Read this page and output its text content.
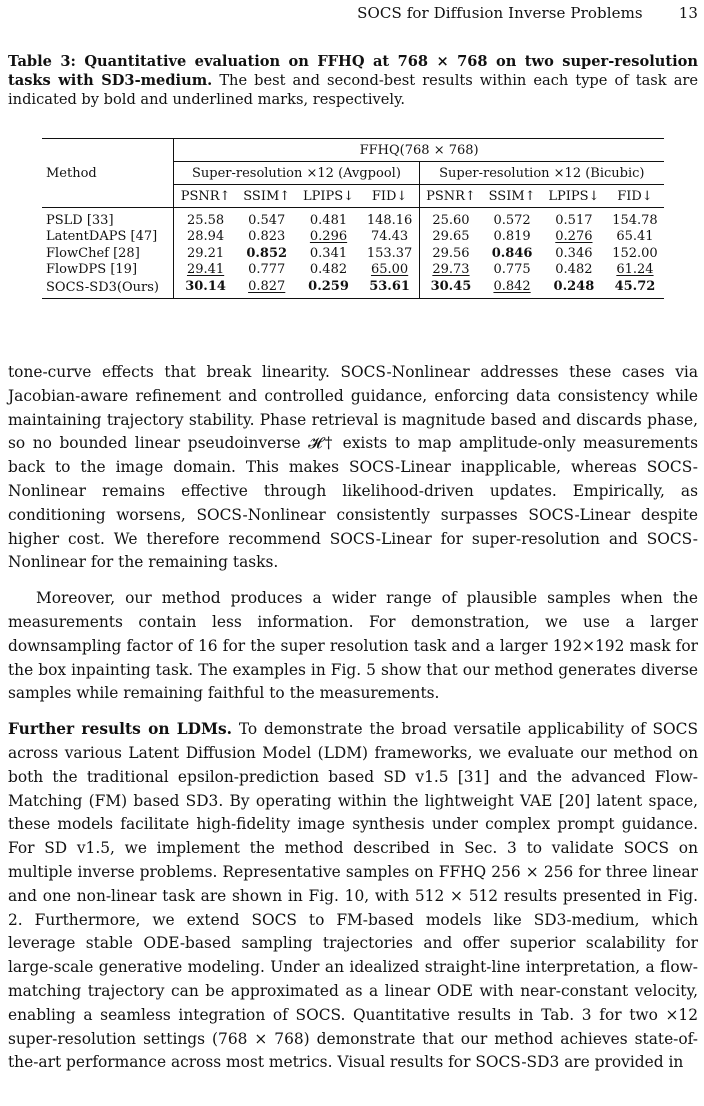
SOCS for Diffusion Inverse Problems 13
Table 3: Quantitative evaluation on FFHQ at 768 × 768 on two super-resolution tasks with SD3-medium. The best and second-best results within each type of task are indicated by bold and underlined marks, respectively.
Method	FFHQ(768 × 768)							
	Super-resolution ×12 (Avgpool)				Super-resolution ×12 (Bicubic)			
	PSNR↑	SSIM↑	LPIPS↓	FID↓	PSNR↑	SSIM↑	LPIPS↓	FID↓
PSLD [33]	25.58	0.547	0.481	148.16	25.60	0.572	0.517	154.78
LatentDAPS [47]	28.94	0.823	0.296	74.43	29.65	0.819	0.276	65.41
FlowChef [28]	29.21	0.852	0.341	153.37	29.56	0.846	0.346	152.00
FlowDPS [19]	29.41	0.777	0.482	65.00	29.73	0.775	0.482	61.24
SOCS-SD3(Ours)	30.14	0.827	0.259	53.61	30.45	0.842	0.248	45.72

tone-curve effects that break linearity. SOCS-Nonlinear addresses these cases via Jacobian-aware refinement and controlled guidance, enforcing data consistency while maintaining trajectory stability. Phase retrieval is magnitude based and discards phase, so no bounded linear pseudoinverse 𝓗† exists to map amplitude-only measurements back to the image domain. This makes SOCS-Linear inapplicable, whereas SOCS-Nonlinear remains effective through likelihood-driven updates. Empirically, as conditioning worsens, SOCS-Nonlinear consistently surpasses SOCS-Linear despite higher cost. We therefore recommend SOCS-Linear for super-resolution and SOCS-Nonlinear for the remaining tasks.

Moreover, our method produces a wider range of plausible samples when the measurements contain less information. For demonstration, we use a larger downsampling factor of 16 for the super resolution task and a larger 192×192 mask for the box inpainting task. The examples in Fig. 5 show that our method generates diverse samples while remaining faithful to the measurements.

Further results on LDMs. To demonstrate the broad versatile applicability of SOCS across various Latent Diffusion Model (LDM) frameworks, we evaluate our method on both the traditional epsilon-prediction based SD v1.5 [31] and the advanced Flow-Matching (FM) based SD3. By operating within the lightweight VAE [20] latent space, these models facilitate high-fidelity image synthesis under complex prompt guidance. For SD v1.5, we implement the method described in Sec. 3 to validate SOCS on multiple inverse problems. Representative samples on FFHQ 256 × 256 for three linear and one non-linear task are shown in Fig. 10, with 512 × 512 results presented in Fig. 2. Furthermore, we extend SOCS to FM-based models like SD3-medium, which leverage stable ODE-based sampling trajectories and offer superior scalability for large-scale generative modeling. Under an idealized straight-line interpretation, a flow-matching trajectory can be approximated as a linear ODE with near-constant velocity, enabling a seamless integration of SOCS. Quantitative results in Tab. 3 for two ×12 super-resolution settings (768 × 768) demonstrate that our method achieves state-of-the-art performance across most metrics. Visual results for SOCS-SD3 are provided in
